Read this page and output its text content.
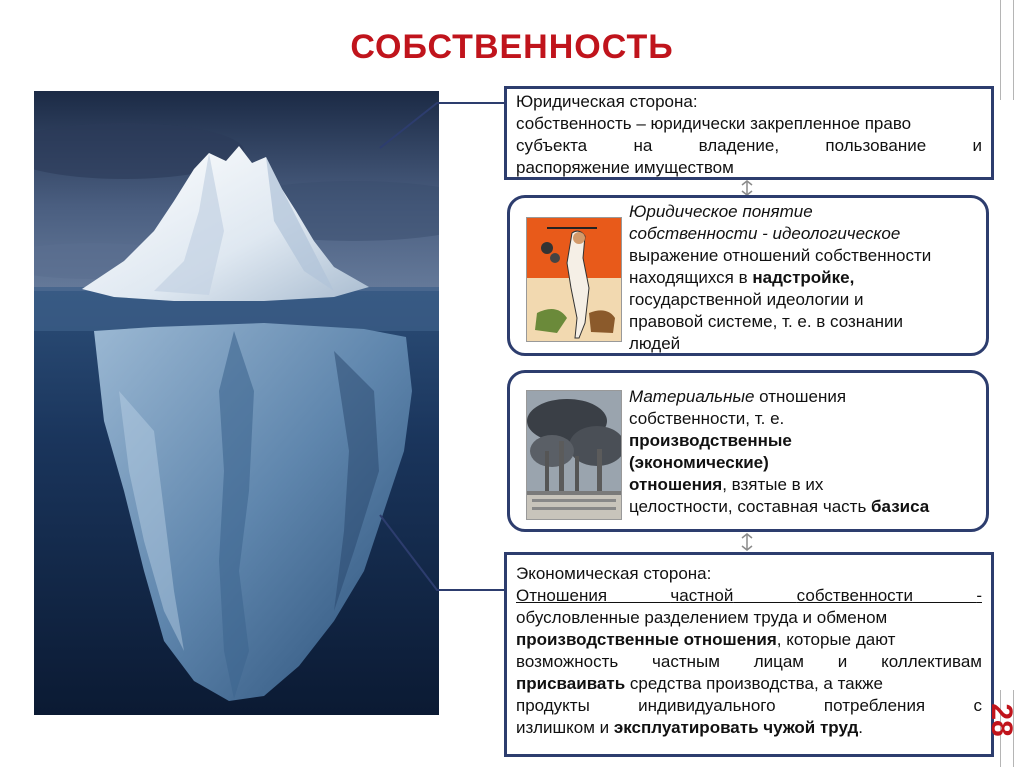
СОБСТВЕННОСТЬ
Юридическая сторона:
собственность – юридически закрепленное право
субъекта	на	владение,	пользование	и
распоряжение имуществом
Юридическое понятие
собственности - идеологическое
выражение отношений собственности
находящихся в надстройке,
государственной идеологии и
правовой системе, т. е. в сознании
людей
Материальные отношения
собственности, т. е.
производственные
(экономические)
отношения, взятые в их
целостности, составная часть базиса
Экономическая сторона:
Отношения	частной	собственности	-
обусловленные разделением труда и обменом
производственные отношения, которые дают
возможность частным лицам и коллективам
присваивать средства производства, а также
продукты индивидуального потребления с
излишком и эксплуатировать чужой труд.	28
